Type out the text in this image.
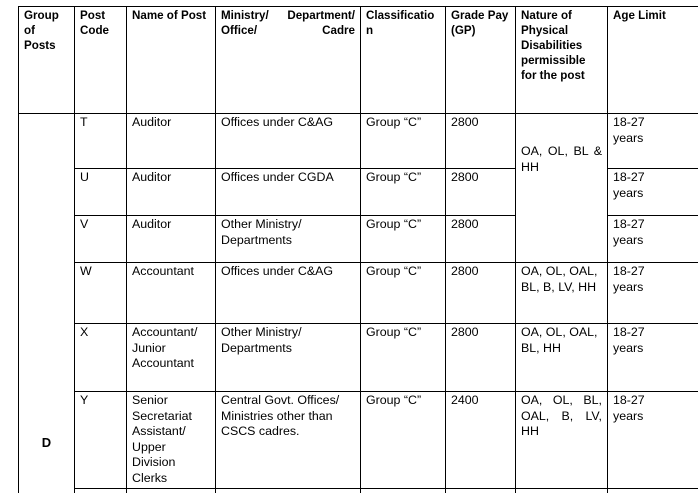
Group of Posts	Post Code	Name of Post	Ministry/ Department/ Office/ Cadre	Classificatio n	Grade Pay (GP)	Nature of Physical Disabilities permissible for the post	Age Limit

D	T	Auditor	Offices under C&AG	Group “C”	2800	OA, OL, BL & HH	18-27
years

	U	Auditor	Offices under CGDA	Group “C”	2800		18-27
years

	V	Auditor	Other Ministry/ Departments	Group “C”	2800		18-27
years

	W	Accountant	Offices under C&AG	Group “C”	2800	OA, OL, OAL, BL, B, LV, HH	18-27
years

	X	Accountant/ Junior Accountant	Other Ministry/ Departments	Group “C”	2800	OA, OL, OAL, BL, HH	18-27
years

	Y	Senior Secretariat Assistant/ Upper Division Clerks	Central Govt. Offices/ Ministries other than CSCS cadres.	Group “C”	2400	OA, OL, BL, OAL, B, LV, HH	18-27
years
